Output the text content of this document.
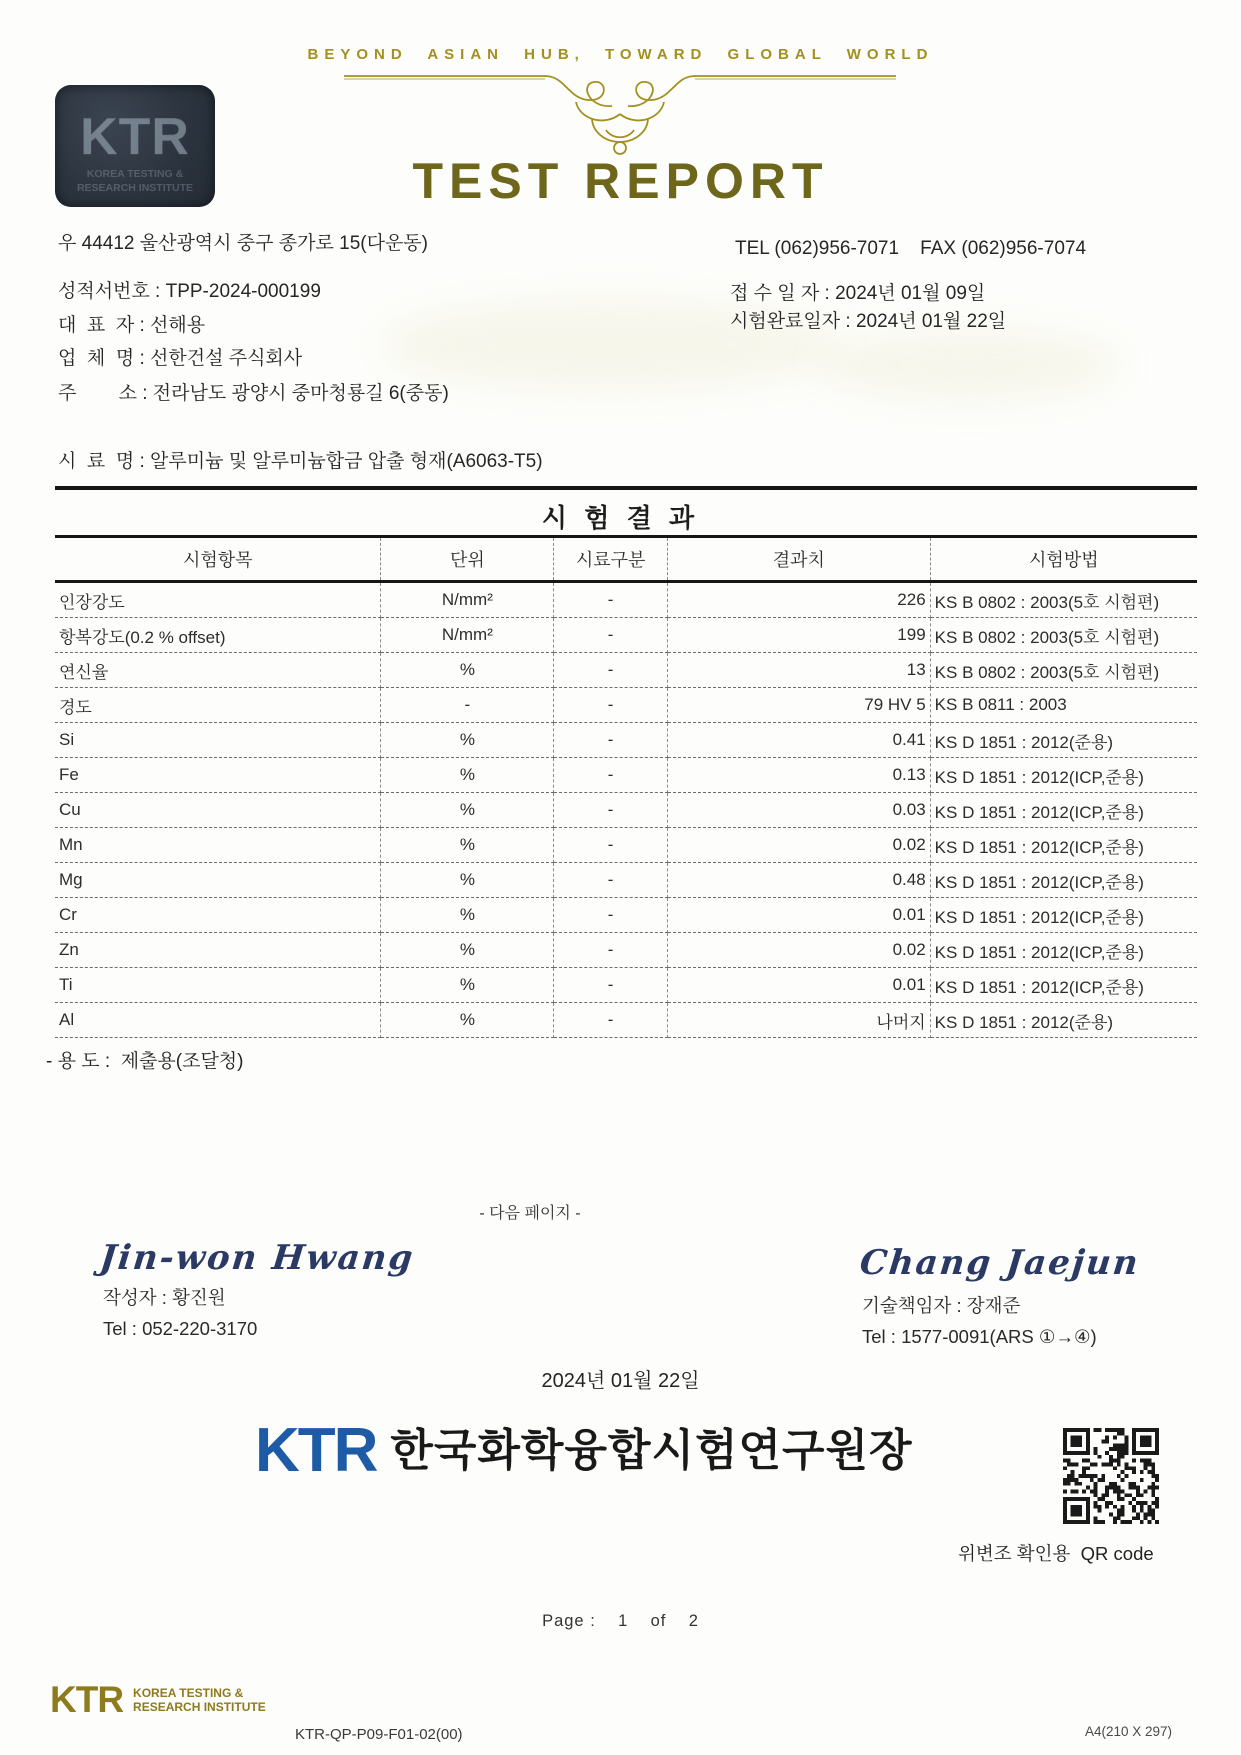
BEYOND ASIAN HUB, TOWARD GLOBAL WORLD
KTR
KOREA TESTING &
RESEARCH INSTITUTE	TEST REPORT
우 44412 울산광역시 중구 종가로 15(다운동)	TEL (062)956-7071    FAX (062)956-7074
성적서번호 : TPP-2024-000199	접 수 일 자 : 2024년 01월 09일
시험완료일자 : 2024년 01월 22일
대  표  자 : 선해용
업  체  명 : 선한건설 주식회사
주        소 : 전라남도 광양시 중마청룡길 6(중동)
시  료  명 : 알루미늄 및 알루미늄합금 압출 형재(A6063-T5)
시 험 결 과
시험항목	단위	시료구분	결과치	시험방법
인장강도	N/mm²	-	226	KS B 0802 : 2003(5호 시험편)
항복강도(0.2 % offset)	N/mm²	-	199	KS B 0802 : 2003(5호 시험편)
연신율	%	-	13	KS B 0802 : 2003(5호 시험편)
경도	-	-	79 HV 5	KS B 0811 : 2003
Si	%	-	0.41	KS D 1851 : 2012(준용)
Fe	%	-	0.13	KS D 1851 : 2012(ICP,준용)
Cu	%	-	0.03	KS D 1851 : 2012(ICP,준용)
Mn	%	-	0.02	KS D 1851 : 2012(ICP,준용)
Mg	%	-	0.48	KS D 1851 : 2012(ICP,준용)
Cr	%	-	0.01	KS D 1851 : 2012(ICP,준용)
Zn	%	-	0.02	KS D 1851 : 2012(ICP,준용)
Ti	%	-	0.01	KS D 1851 : 2012(ICP,준용)
Al	%	-	나머지	KS D 1851 : 2012(준용)
- 용 도 :  제출용(조달청)
- 다음 페이지 -
Jin-won Hwang
작성자 : 황진원
Tel : 052-220-3170
Chang Jaejun
기술책임자 : 장재준
Tel : 1577-0091(ARS ①→④)
2024년 01월 22일
KTR 한국화학융합시험연구원장
위변조 확인용  QR code
Page :    1    of    2
KTR KOREA TESTING &
RESEARCH INSTITUTE
KTR-QP-P09-F01-02(00)	A4(210 X 297)
